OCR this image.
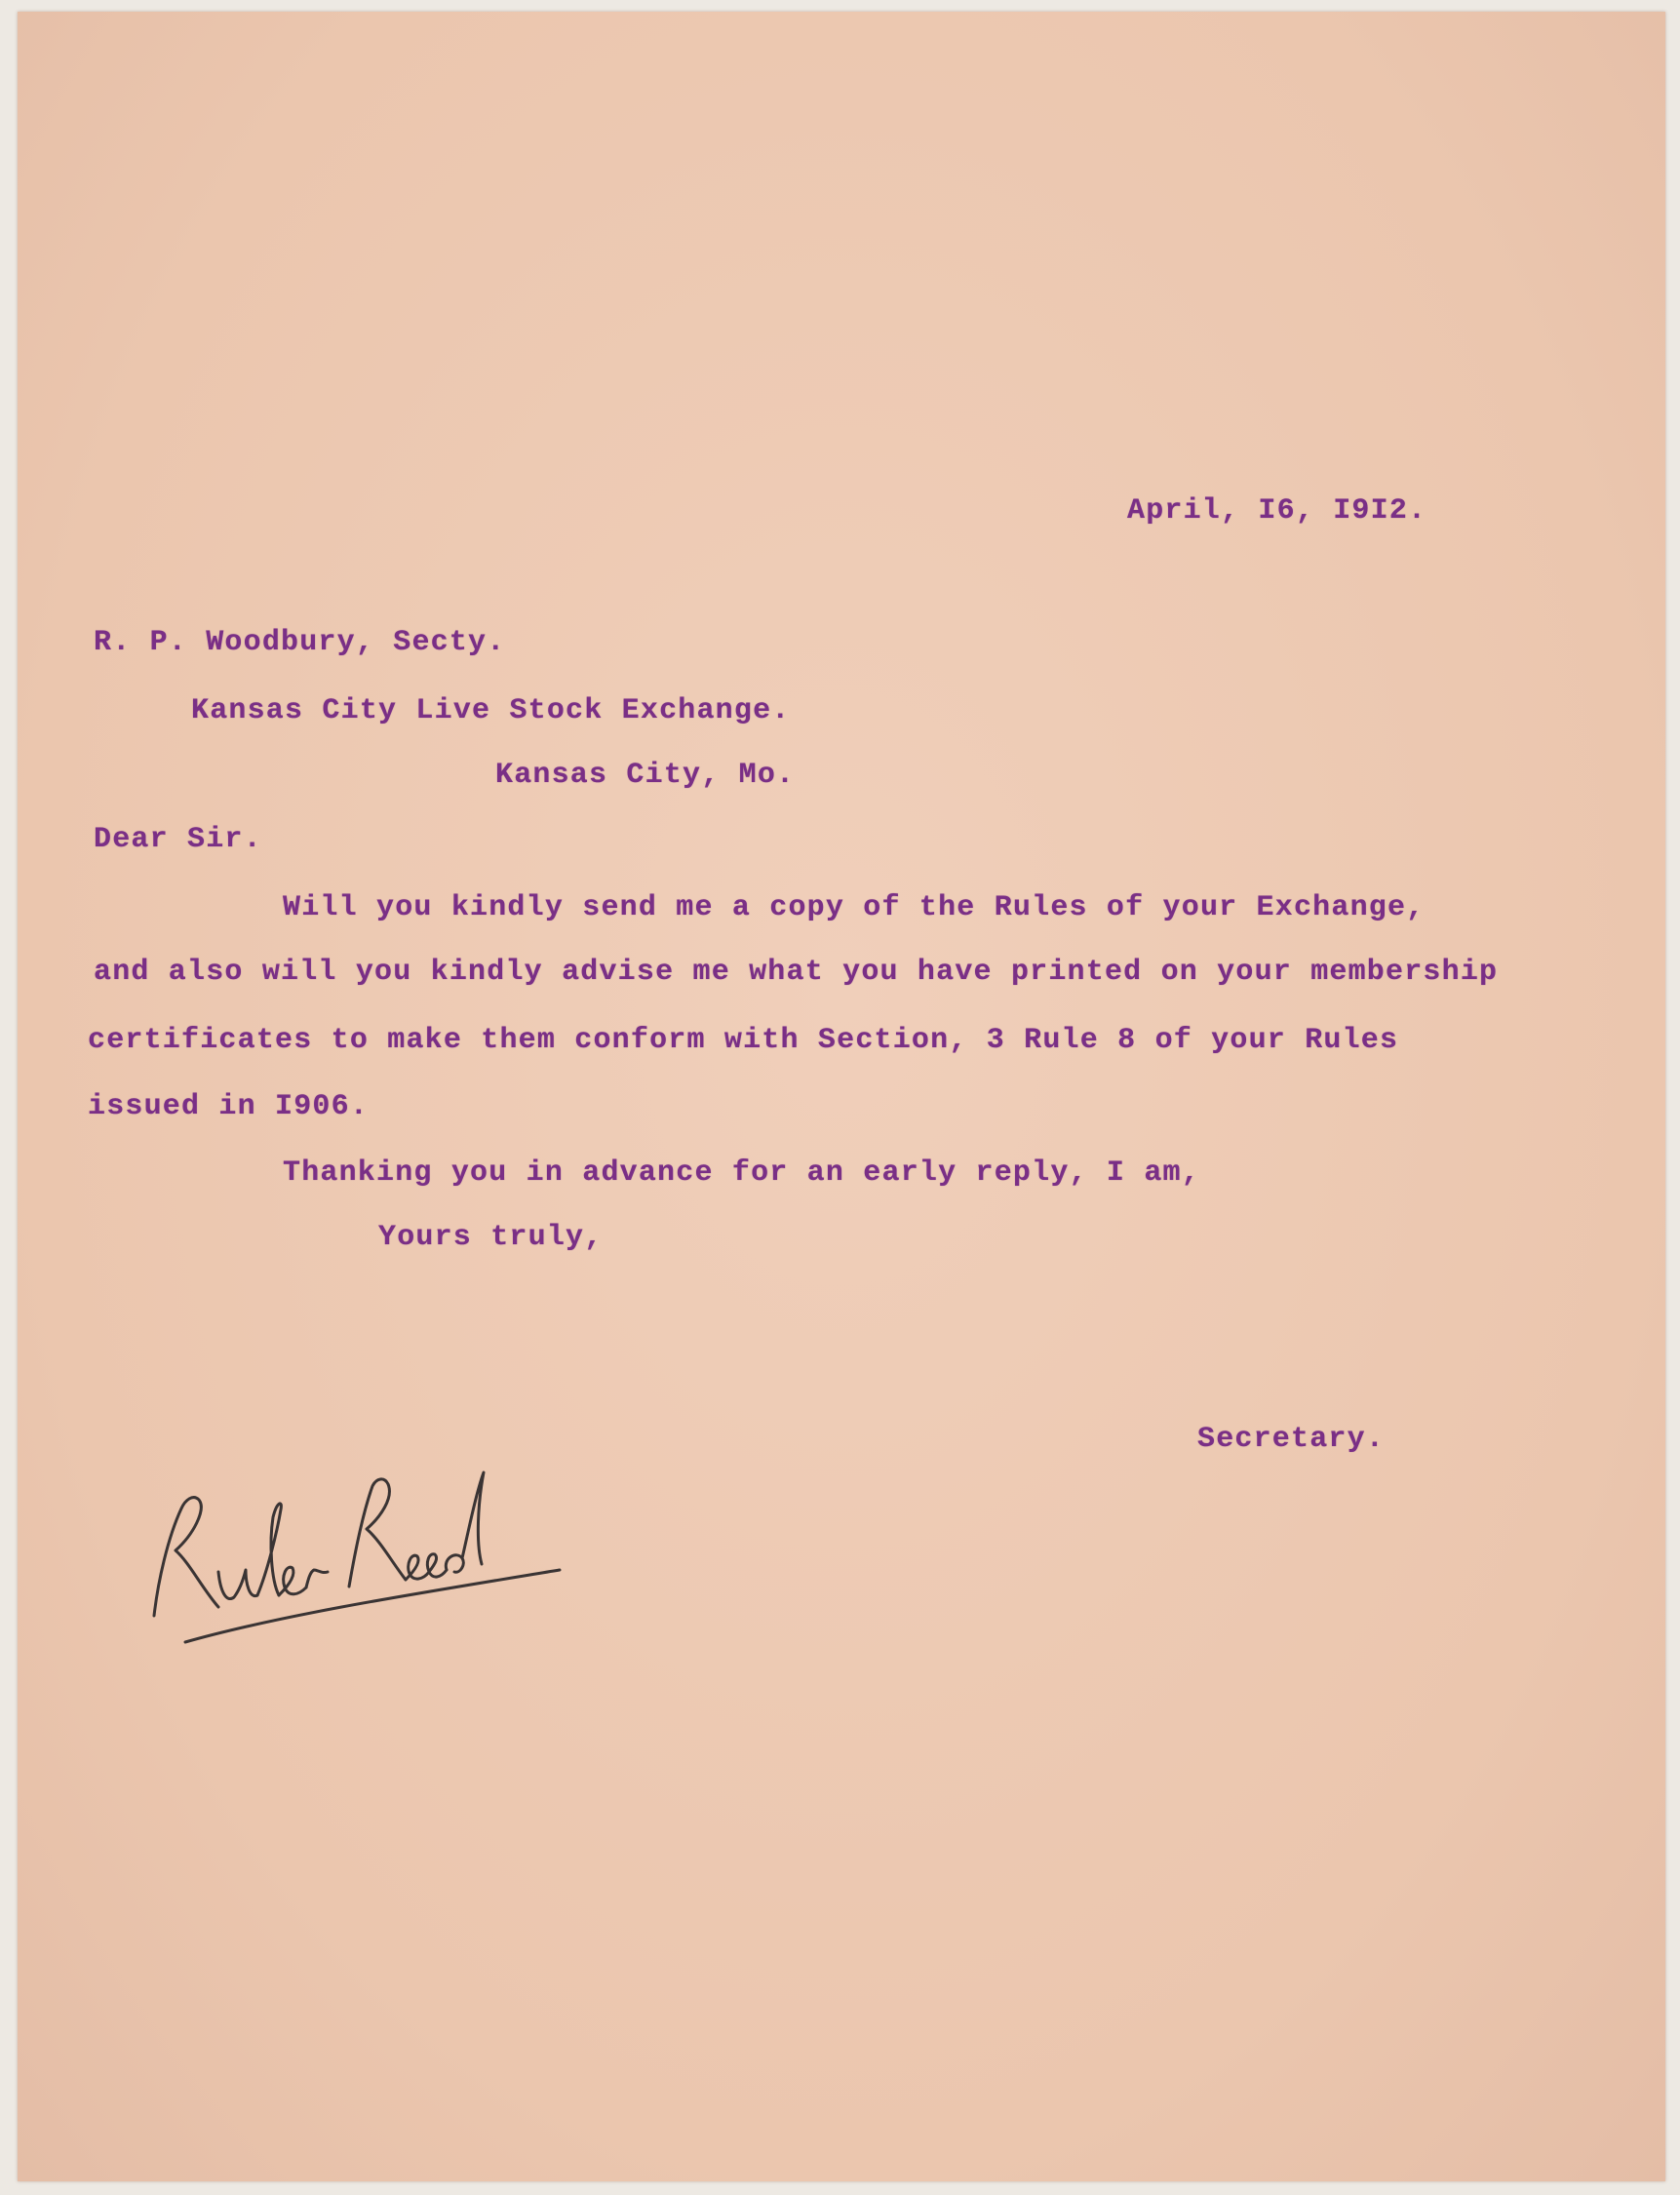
April, I6, I9I2.
R. P. Woodbury, Secty.
Kansas City Live Stock Exchange.
Kansas City, Mo.
Dear Sir.
Will you kindly send me a copy of the Rules of your Exchange,
and also will you kindly advise me what you have printed on your membership
certificates to make them conform with Section, 3 Rule 8 of your Rules
issued in I906.
Thanking you in advance for an early reply, I am,
Yours truly,
Secretary.
